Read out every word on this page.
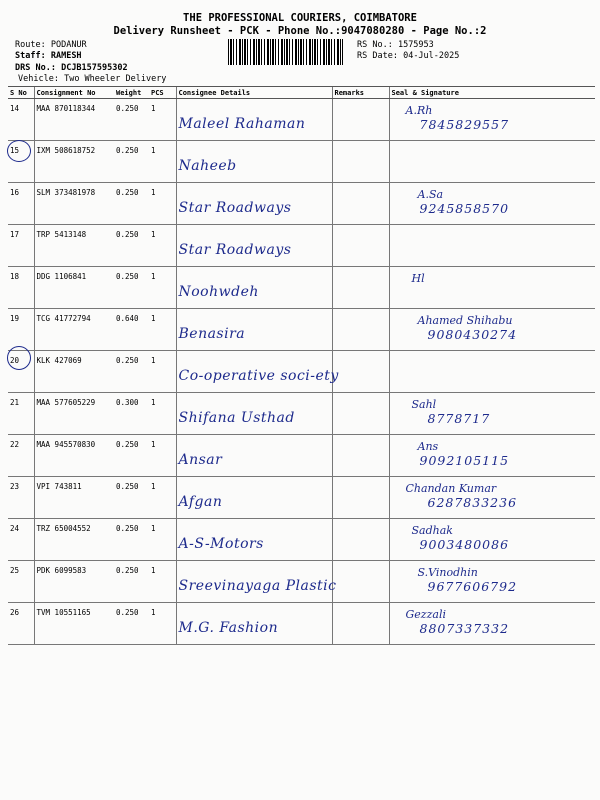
THE PROFESSIONAL COURIERS, COIMBATORE
Delivery Runsheet - PCK - Phone No.:9047080280 - Page No.:2
Route: PODANUR
Staff: RAMESH
DRS No.: DCJB157595302
Vehicle: Two Wheeler Delivery
RS No.: 1575953
RS Date: 04-Jul-2025
S No	Consignment No	Weight	PCS	Consignee Details	Remarks	Seal & Signature
14	MAA 870118344	0.250	1	Maleel Rahaman		A.Rh
7845829557

15	IXM 508618752	0.250	1	Naheeb		

16	SLM 373481978	0.250	1	Star Roadways		A.Sa
9245858570

17	TRP 5413148	0.250	1	Star Roadways		

18	DDG 1106841	0.250	1	Noohwdeh		Hl

19	TCG 41772794	0.640	1	Benasira		Ahamed Shihabu
9080430274

20	KLK 427069	0.250	1	Co-operative soci-ety		

21	MAA 577605229	0.300	1	Shifana Usthad		Sahl
8778717

22	MAA 945570830	0.250	1	Ansar		Ans
9092105115

23	VPI 743811	0.250	1	Afgan		Chandan Kumar
6287833236

24	TRZ 65004552	0.250	1	A-S-Motors		Sadhak
9003480086

25	PDK 6099583	0.250	1	Sreevinayaga Plastic		S.Vinodhin
9677606792

26	TVM 10551165	0.250	1	M.G. Fashion		Gezzali
8807337332
